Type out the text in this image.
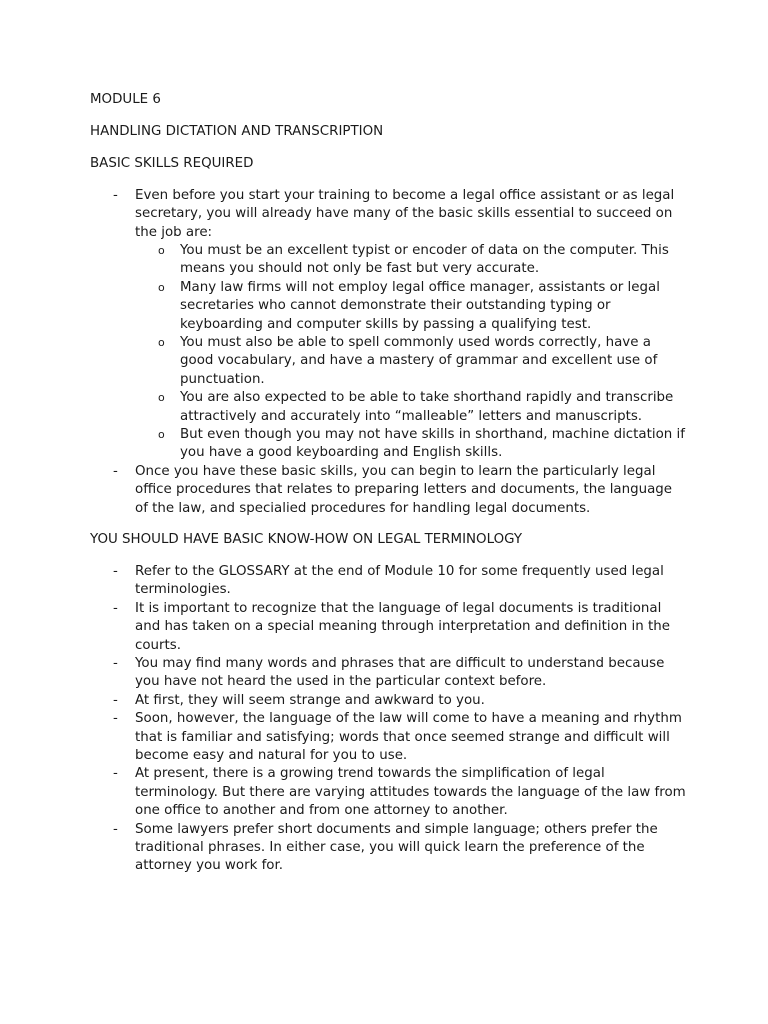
MODULE 6
HANDLING DICTATION AND TRANSCRIPTION
BASIC SKILLS REQUIRED
- Even before you start your training to become a legal office assistant or as legal secretary, you will already have many of the basic skills essential to succeed on the job are:
o You must be an excellent typist or encoder of data on the computer. This means you should not only be fast but very accurate.
o Many law firms will not employ legal office manager, assistants or legal secretaries who cannot demonstrate their outstanding typing or keyboarding and computer skills by passing a qualifying test.
o You must also be able to spell commonly used words correctly, have a good vocabulary, and have a mastery of grammar and excellent use of punctuation.
o You are also expected to be able to take shorthand rapidly and transcribe attractively and accurately into “malleable” letters and manuscripts.
o But even though you may not have skills in shorthand, machine dictation if you have a good keyboarding and English skills.
- Once you have these basic skills, you can begin to learn the particularly legal office procedures that relates to preparing letters and documents, the language of the law, and specialied procedures for handling legal documents.
YOU SHOULD HAVE BASIC KNOW-HOW ON LEGAL TERMINOLOGY
- Refer to the GLOSSARY at the end of Module 10 for some frequently used legal terminologies.
- It is important to recognize that the language of legal documents is traditional and has taken on a special meaning through interpretation and definition in the courts.
- You may find many words and phrases that are difficult to understand because you have not heard the used in the particular context before.
- At first, they will seem strange and awkward to you.
- Soon, however, the language of the law will come to have a meaning and rhythm that is familiar and satisfying; words that once seemed strange and difficult will become easy and natural for you to use.
- At present, there is a growing trend towards the simplification of legal terminology. But there are varying attitudes towards the language of the law from one office to another and from one attorney to another.
- Some lawyers prefer short documents and simple language; others prefer the traditional phrases. In either case, you will quick learn the preference of the attorney you work for.
